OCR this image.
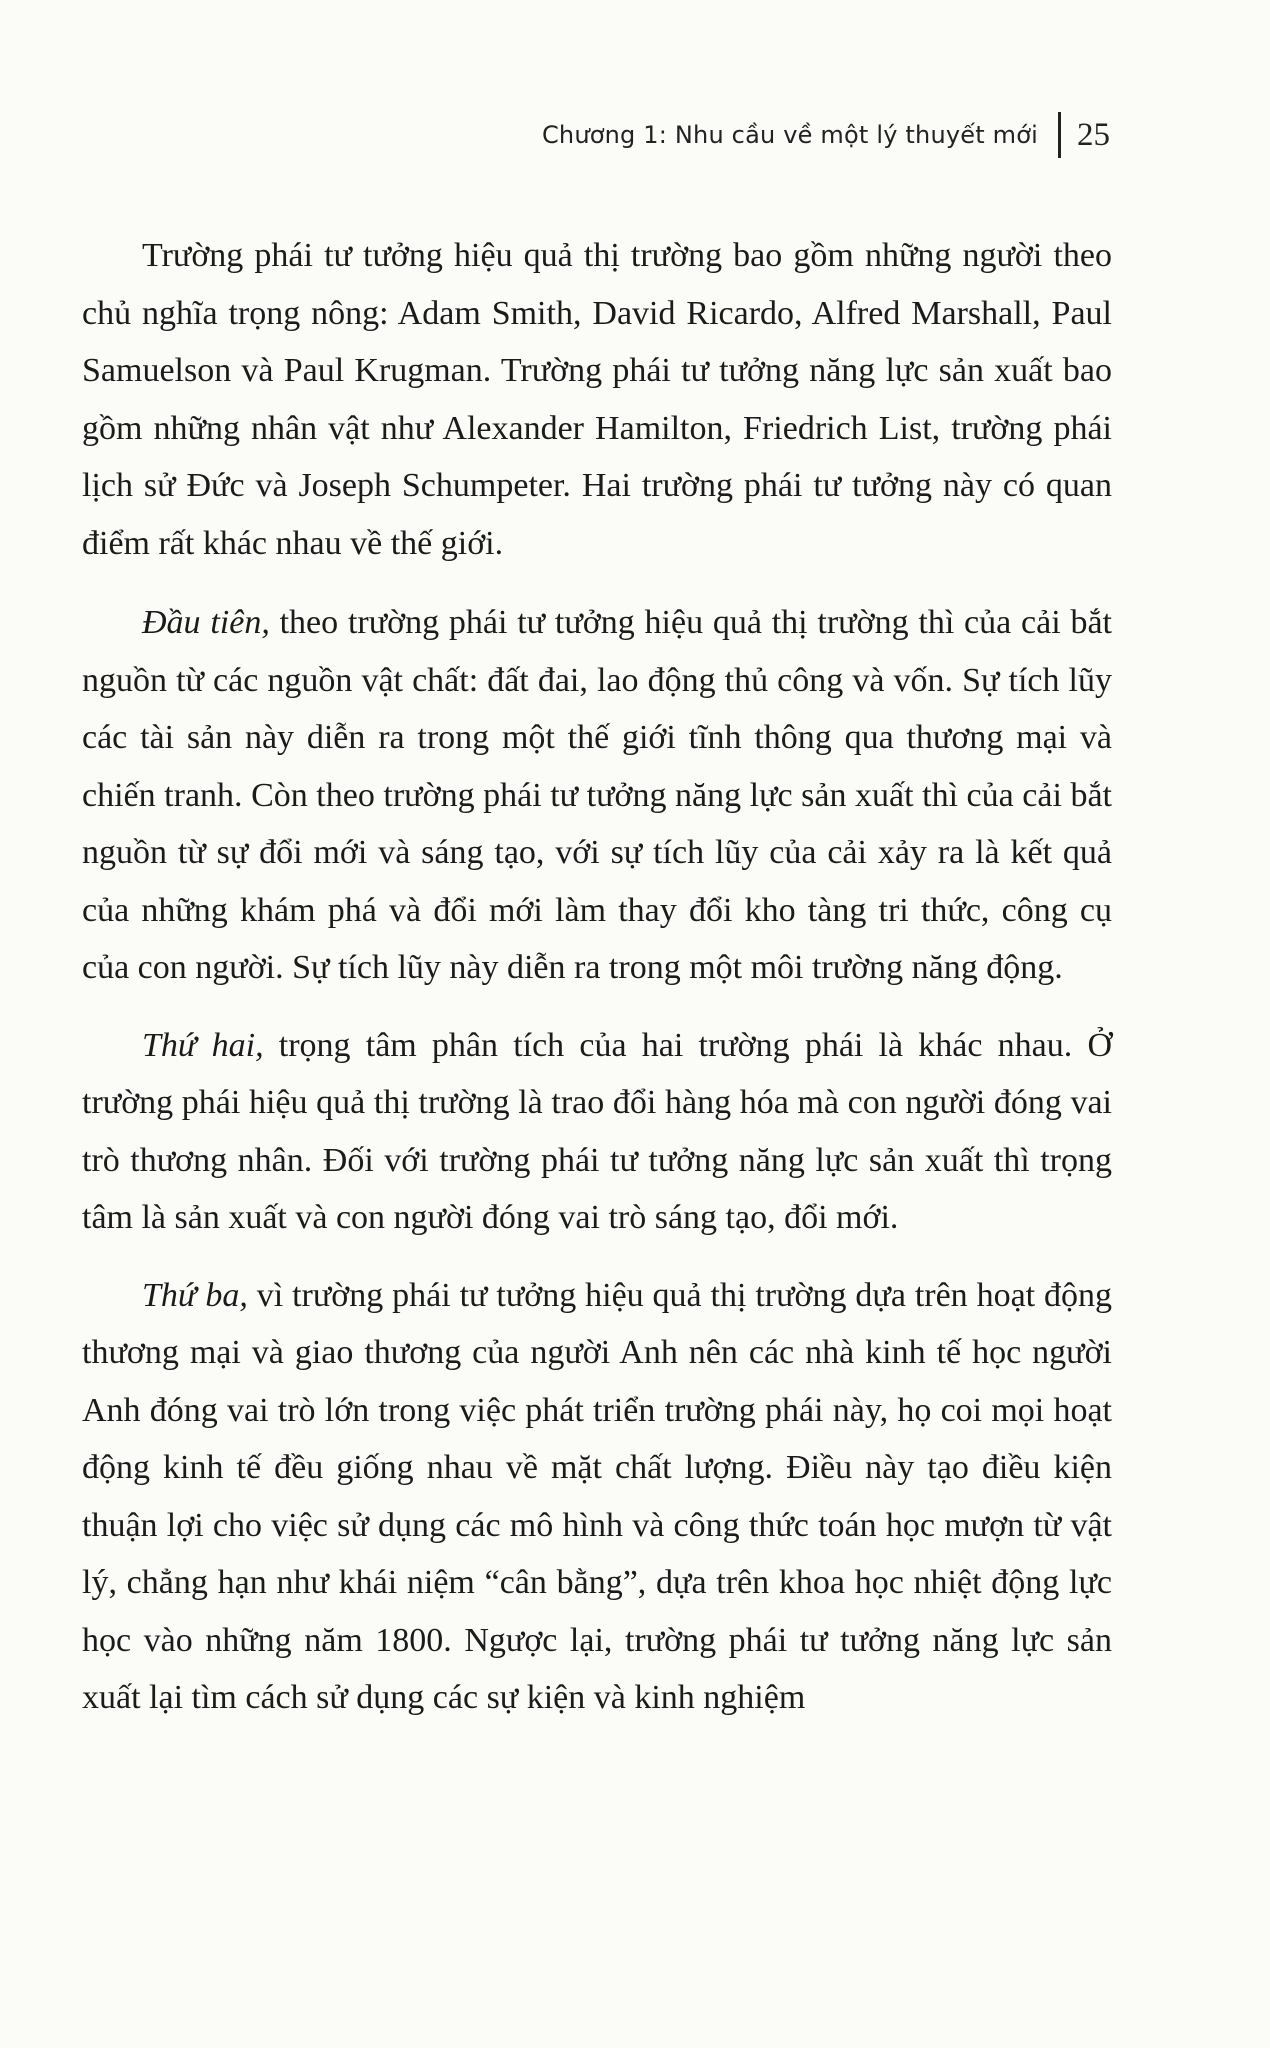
Chương 1: Nhu cầu về một lý thuyết mới 25

Trường phái tư tưởng hiệu quả thị trường bao gồm những người theo chủ nghĩa trọng nông: Adam Smith, David Ricardo, Alfred Marshall, Paul Samuelson và Paul Krugman. Trường phái tư tưởng năng lực sản xuất bao gồm những nhân vật như Alexander Hamilton, Friedrich List, trường phái lịch sử Đức và Joseph Schumpeter. Hai trường phái tư tưởng này có quan điểm rất khác nhau về thế giới.

Đầu tiên, theo trường phái tư tưởng hiệu quả thị trường thì của cải bắt nguồn từ các nguồn vật chất: đất đai, lao động thủ công và vốn. Sự tích lũy các tài sản này diễn ra trong một thế giới tĩnh thông qua thương mại và chiến tranh. Còn theo trường phái tư tưởng năng lực sản xuất thì của cải bắt nguồn từ sự đổi mới và sáng tạo, với sự tích lũy của cải xảy ra là kết quả của những khám phá và đổi mới làm thay đổi kho tàng tri thức, công cụ của con người. Sự tích lũy này diễn ra trong một môi trường năng động.

Thứ hai, trọng tâm phân tích của hai trường phái là khác nhau. Ở trường phái hiệu quả thị trường là trao đổi hàng hóa mà con người đóng vai trò thương nhân. Đối với trường phái tư tưởng năng lực sản xuất thì trọng tâm là sản xuất và con người đóng vai trò sáng tạo, đổi mới.

Thứ ba, vì trường phái tư tưởng hiệu quả thị trường dựa trên hoạt động thương mại và giao thương của người Anh nên các nhà kinh tế học người Anh đóng vai trò lớn trong việc phát triển trường phái này, họ coi mọi hoạt động kinh tế đều giống nhau về mặt chất lượng. Điều này tạo điều kiện thuận lợi cho việc sử dụng các mô hình và công thức toán học mượn từ vật lý, chẳng hạn như khái niệm “cân bằng”, dựa trên khoa học nhiệt động lực học vào những năm 1800. Ngược lại, trường phái tư tưởng năng lực sản xuất lại tìm cách sử dụng các sự kiện và kinh nghiệm
